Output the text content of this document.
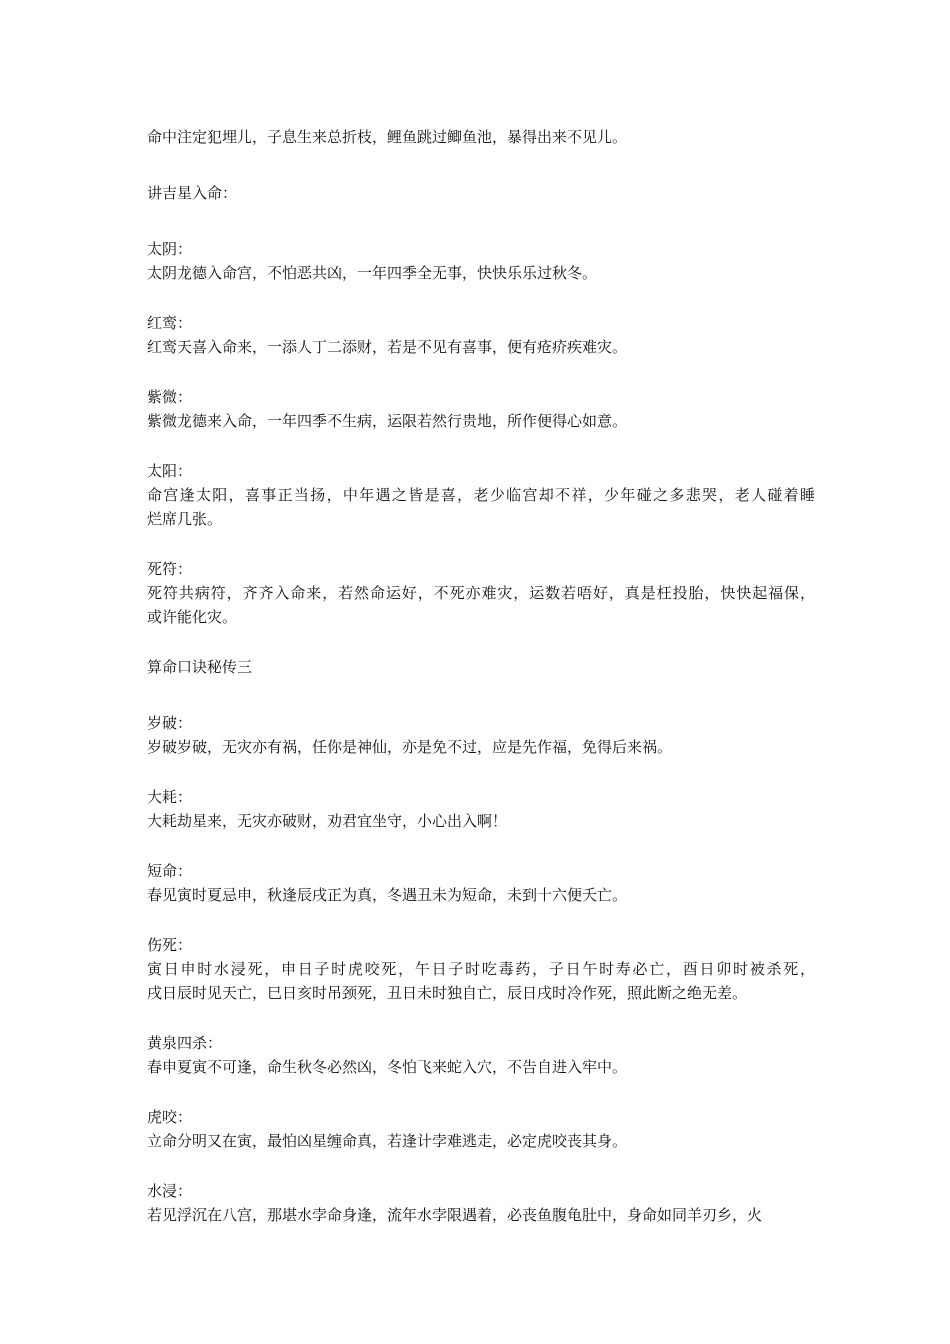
命中注定犯埋儿，子息生来总折枝，鲤鱼跳过鲫鱼池，暴得出来不见儿。
讲吉星入命：
太阴：
太阴龙德入命宫，不怕恶共凶，一年四季全无事，快快乐乐过秋冬。
红鸾：
红鸾天喜入命来，一添人丁二添财，若是不见有喜事，便有疮疥疾难灾。
紫微：
紫微龙德来入命，一年四季不生病，运限若然行贵地，所作便得心如意。
太阳：
命宫逢太阳，喜事正当扬，中年遇之皆是喜，老少临宫却不祥，少年碰之多悲哭，老人碰着睡
烂席几张。
死符：
死符共病符，齐齐入命来，若然命运好，不死亦难灾，运数若唔好，真是枉投胎，快快起福保，
或许能化灾。
算命口诀秘传三
岁破：
岁破岁破，无灾亦有祸，任你是神仙，亦是免不过，应是先作福，免得后来祸。
大耗：
大耗劫星来，无灾亦破财，劝君宜坐守，小心出入啊！
短命：
春见寅时夏忌申，秋逢辰戌正为真，冬遇丑未为短命，未到十六便夭亡。
伤死：
寅日申时水浸死，申日子时虎咬死，午日子时吃毒药，子日午时寿必亡，酉日卯时被杀死，
戌日辰时见天亡，巳日亥时吊颈死，丑日未时独自亡，辰日戌时冷作死，照此断之绝无差。
黄泉四杀：
春申夏寅不可逢，命生秋冬必然凶，冬怕飞来蛇入穴，不告自进入牢中。
虎咬：
立命分明又在寅，最怕凶星缠命真，若逢计孛难逃走，必定虎咬丧其身。
水浸：
若见浮沉在八宫，那堪水孛命身逢，流年水孛限遇着，必丧鱼腹龟肚中，身命如同羊刃乡，火
